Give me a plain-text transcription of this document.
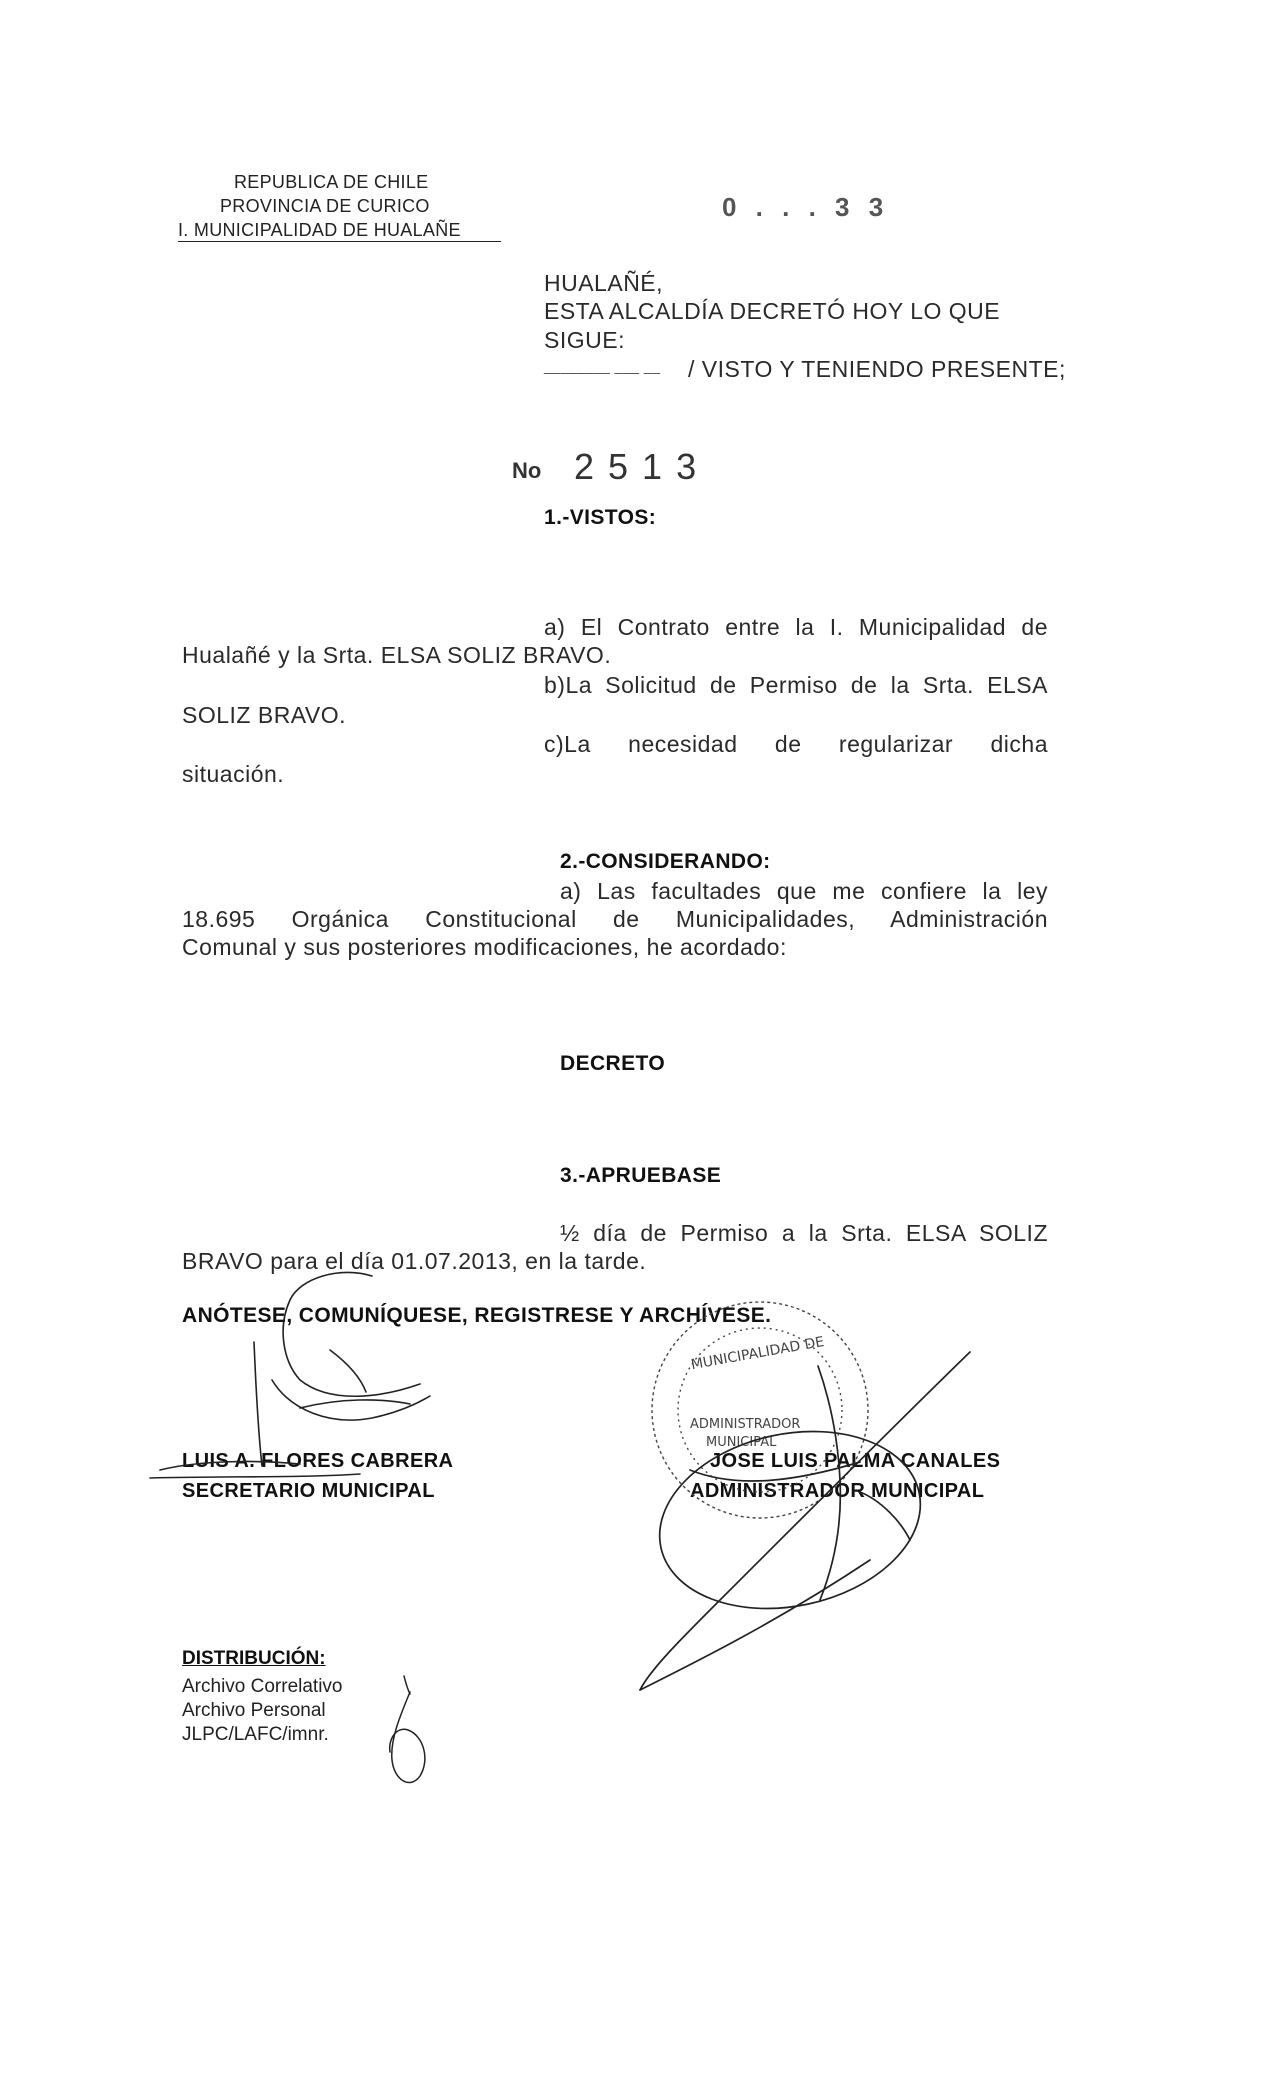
REPUBLICA DE CHILE

PROVINCIA DE CURICO

I. MUNICIPALIDAD DE HUALAÑE

0 . . . 3 3

HUALAÑÉ,

ESTA ALCALDÍA DECRETÓ HOY LO QUE

SIGUE:

________ ___ __ / VISTO Y TENIENDO PRESENTE;

No 2 5 1 3

1.-VISTOS:

a) El Contrato entre la I. Municipalidad de

Hualañé y la Srta. ELSA SOLIZ BRAVO.

b)La Solicitud de Permiso de la Srta. ELSA

SOLIZ BRAVO.

c)La necesidad de regularizar dicha

situación.

2.-CONSIDERANDO:

a) Las facultades que me confiere la ley

18.695 Orgánica Constitucional de Municipalidades, Administración

Comunal y sus posteriores modificaciones, he acordado:

DECRETO

3.-APRUEBASE

½ día de Permiso a la Srta. ELSA SOLIZ

BRAVO para el día 01.07.2013, en la tarde.

ANÓTESE, COMUNÍQUESE, REGISTRESE Y ARCHÍVESE.

LUIS A. FLORES CABRERA

SECRETARIO MUNICIPAL

JOSE LUIS PALMA CANALES

ADMINISTRADOR MUNICIPAL

DISTRIBUCIÓN:

Archivo Correlativo

Archivo Personal

JLPC/LAFC/imnr.

MUNICIPALIDAD DE
ADMINISTRADOR
MUNICIPAL
